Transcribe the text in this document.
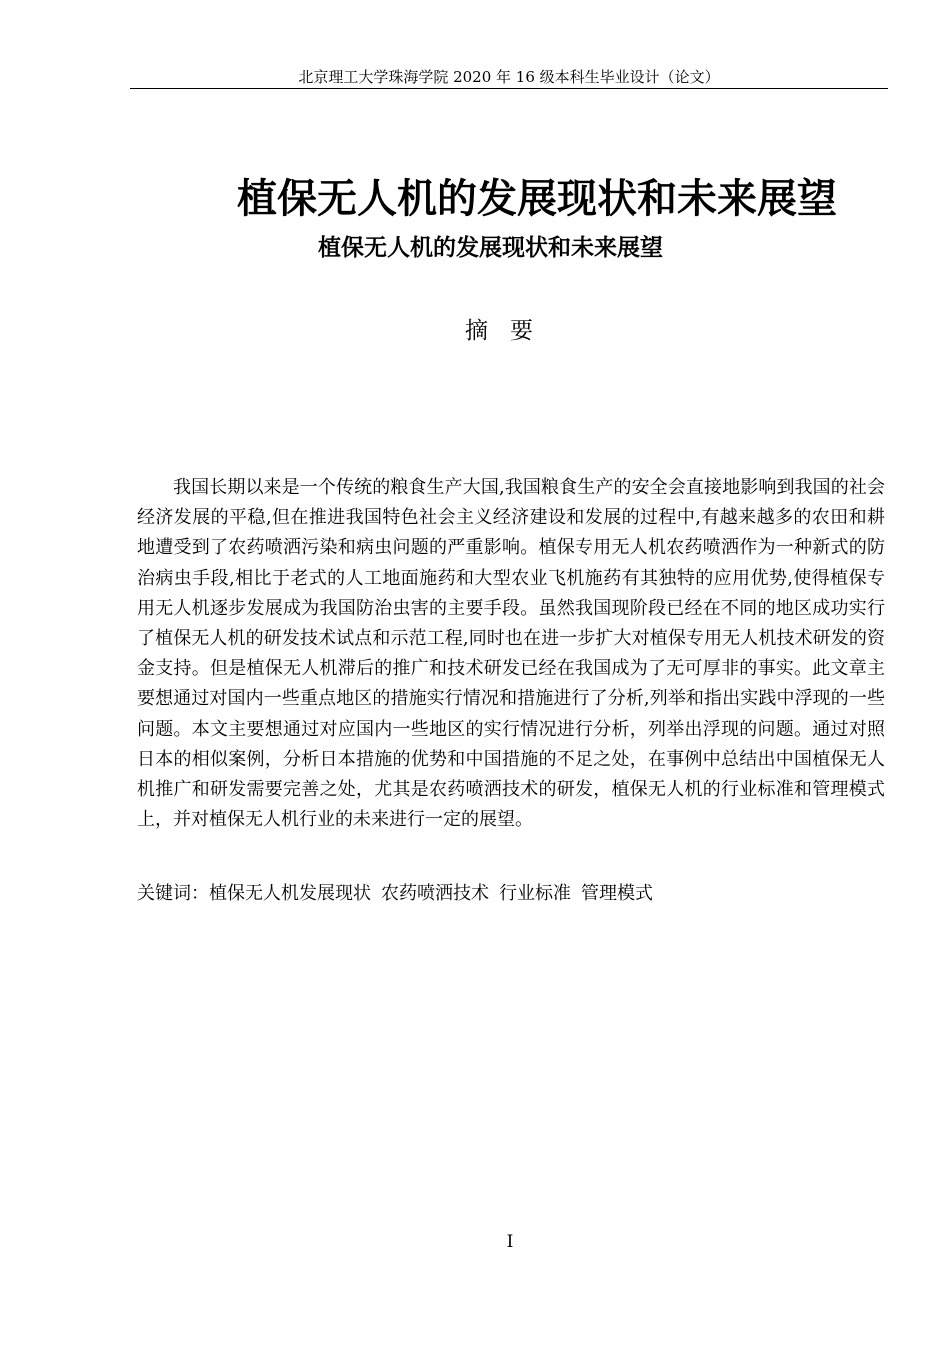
北京理工大学珠海学院 2020 年 16 级本科生毕业设计（论文）
植保无人机的发展现状和未来展望
植保无人机的发展现状和未来展望
摘要

我国长期以来是一个传统的粮食生产大国,我国粮食生产的安全会直接地影响到我国的社会经济发展的平稳,但在推进我国特色社会主义经济建设和发展的过程中,有越来越多的农田和耕地遭受到了农药喷洒污染和病虫问题的严重影响。植保专用无人机农药喷洒作为一种新式的防治病虫手段,相比于老式的人工地面施药和大型农业飞机施药有其独特的应用优势,使得植保专用无人机逐步发展成为我国防治虫害的主要手段。虽然我国现阶段已经在不同的地区成功实行了植保无人机的研发技术试点和示范工程,同时也在进一步扩大对植保专用无人机技术研发的资金支持。但是植保无人机滞后的推广和技术研发已经在我国成为了无可厚非的事实。此文章主要想通过对国内一些重点地区的措施实行情况和措施进行了分析,列举和指出实践中浮现的一些问题。本文主要想通过对应国内一些地区的实行情况进行分析，列举出浮现的问题。通过对照日本的相似案例，分析日本措施的优势和中国措施的不足之处，在事例中总结出中国植保无人机推广和研发需要完善之处，尤其是农药喷洒技术的研发，植保无人机的行业标准和管理模式上，并对植保无人机行业的未来进行一定的展望。

关键词：植保无人机发展现状 农药喷洒技术 行业标准 管理模式
I
